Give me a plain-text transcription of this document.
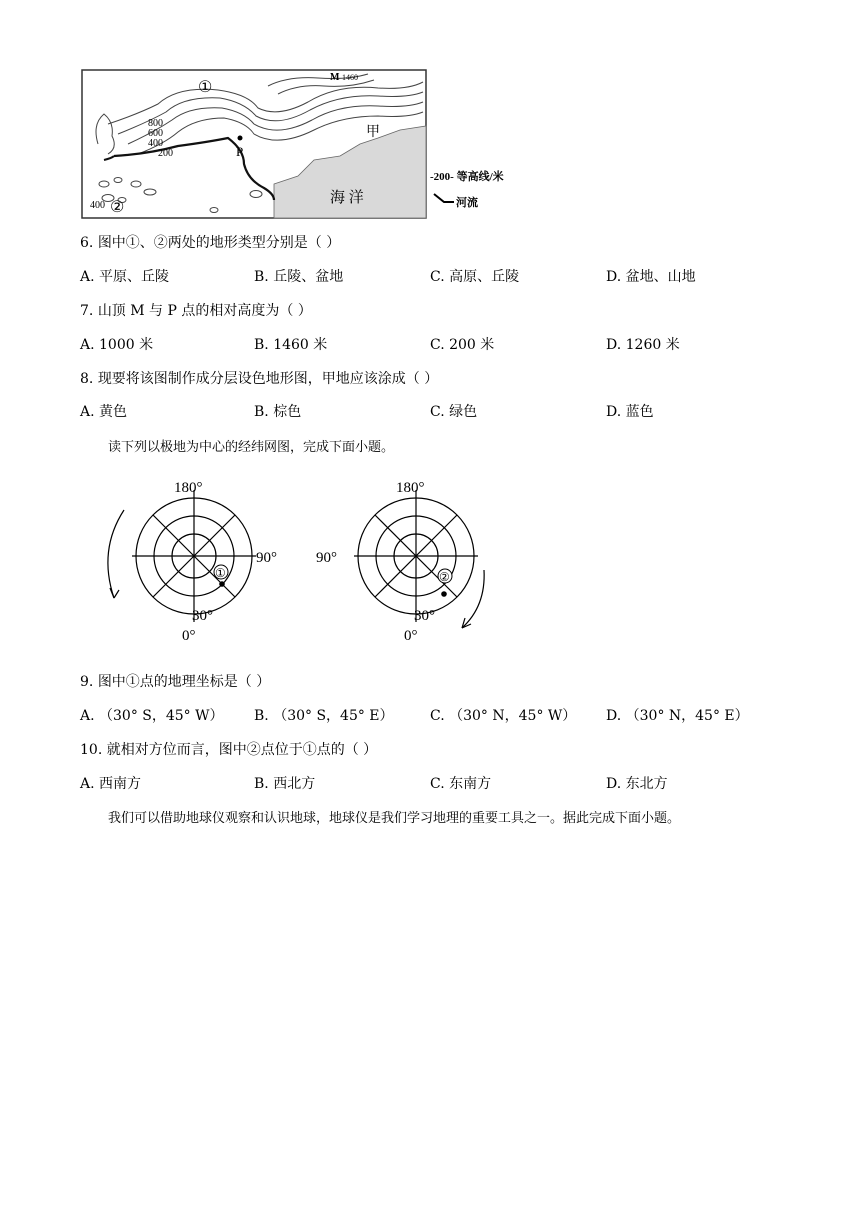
①
②
400
M 1460
P
甲
海 洋
800
600
400
200
-200- 等高线/米
河流
6. 图中①、②两处的地形类型分别是（ ）
A. 平原、丘陵	B. 丘陵、盆地	C. 高原、丘陵	D. 盆地、山地
7. 山顶 M 与 P 点的相对高度为（ ）
A. 1000 米	B. 1460 米	C. 200 米	D. 1260 米
8. 现要将该图制作成分层设色地形图，甲地应该涂成（ ）
A. 黄色	B. 棕色	C. 绿色	D. 蓝色
读下列以极地为中心的经纬网图，完成下面小题。
①
180°
90°
30°
0°
②
180°
90°
30°
0°
9. 图中①点的地理坐标是（ ）
A. （30° S，45° W） B. （30° S，45° E）	C. （30° N，45° W） D. （30° N，45° E）
10. 就相对方位而言，图中②点位于①点的（ ）
A. 西南方	B. 西北方	C. 东南方	D. 东北方
我们可以借助地球仪观察和认识地球，地球仪是我们学习地理的重要工具之一。据此完成下面小题。
